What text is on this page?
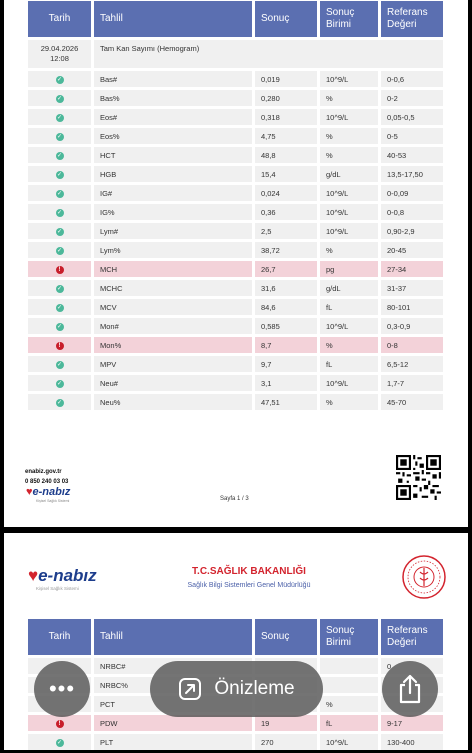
Tarih	Tahlil	Sonuç	Sonuç Birimi	Referans Değeri

29.04.2026
12:08	Tam Kan Sayımı (Hemogram)			
✓	Bas#	0,019	10^9/L	0-0,6
✓	Bas%	0,280	%	0-2
✓	Eos#	0,318	10^9/L	0,05-0,5
✓	Eos%	4,75	%	0-5
✓	HCT	48,8	%	40-53
✓	HGB	15,4	g/dL	13,5-17,50
✓	IG#	0,024	10^9/L	0-0,09
✓	IG%	0,36	10^9/L	0-0,8
✓	Lym#	2,5	10^9/L	0,90-2,9
✓	Lym%	38,72	%	20-45
!	MCH	26,7	pg	27-34
✓	MCHC	31,6	g/dL	31-37
✓	MCV	84,6	fL	80-101
✓	Mon#	0,585	10^9/L	0,3-0,9
!	Mon%	8,7	%	0-8
✓	MPV	9,7	fL	6,5-12
✓	Neu#	3,1	10^9/L	1,7-7
✓	Neu%	47,51	%	45-70
enabiz.gov.tr
0 850 240 03 03
♥e-nabız
Kişisel Sağlık Sistemi	Sayfa 1 / 3
♥e-nabız
Kişisel Sağlık Sistemi
T.C.SAĞLIK BAKANLIĞI
Sağlık Bilgi Sistemleri Genel Müdürlüğü
Tarih	Tahlil	Sonuç	Sonuç Birimi	Referans Değeri
	NRBC#			0
	NRBC%			
	PCT		%	
!	PDW	19	fL	9-17
✓	PLT	270	10^9/L	130-400
•••	Önizleme
